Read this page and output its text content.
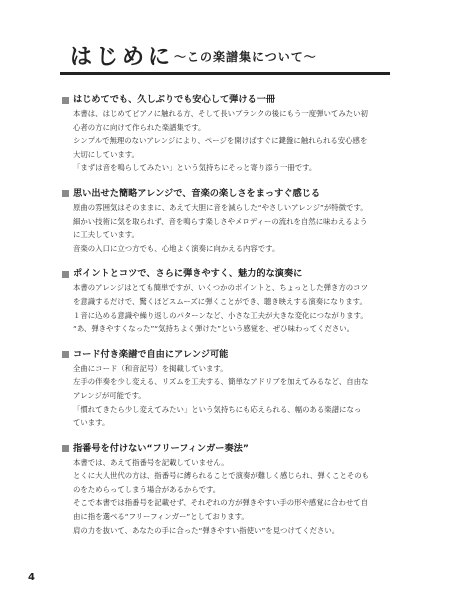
はじめに 〜この楽譜集について〜
はじめてでも、久しぶりでも安心して弾ける一冊
本書は、はじめてピアノに触れる方、そして長いブランクの後にもう一度弾いてみたい初
心者の方に向けて作られた楽譜集です。
シンプルで無理のないアレンジにより、ページを開けばすぐに鍵盤に触れられる安心感を
大切にしています。
「まずは音を鳴らしてみたい」という気持ちにそっと寄り添う一冊です。
思い出せた簡略アレンジで、音楽の楽しさをまっすぐ感じる
原曲の雰囲気はそのままに、あえて大胆に音を減らした“やさしいアレンジ”が特徴です。
細かい技術に気を取られず、音を鳴らす楽しさやメロディーの流れを自然に味わえるよう
に工夫しています。
音楽の入口に立つ方でも、心地よく演奏に向かえる内容です。
ポイントとコツで、さらに弾きやすく、魅力的な演奏に
本書のアレンジはとても簡単ですが、いくつかのポイントと、ちょっとした弾き方のコツ
を意識するだけで、驚くほどスムーズに弾くことができ、聴き映えする演奏になります。
１音に込める意識や繰り返しのパターンなど、小さな工夫が大きな変化につながります。
“あ、弾きやすくなった”“気持ちよく弾けた”という感覚を、ぜひ味わってください。
コード付き楽譜で自由にアレンジ可能
全曲にコード（和音記号）を掲載しています。
左手の伴奏を少し変える、リズムを工夫する、簡単なアドリブを加えてみるなど、自由な
アレンジが可能です。
「慣れてきたら少し変えてみたい」という気持ちにも応えられる、幅のある楽譜になっ
ています。
指番号を付けない“フリーフィンガー奏法”
本書では、あえて指番号を記載していません。
とくに大人世代の方は、指番号に縛られることで演奏が難しく感じられ、弾くことそのも
のをためらってしまう場合があるからです。
そこで本書では指番号を記載せず、それぞれの方が弾きやすい手の形や感覚に合わせて自
由に指を選べる“フリーフィンガー”としております。
肩の力を抜いて、あなたの手に合った“弾きやすい指使い”を見つけてください。
4
